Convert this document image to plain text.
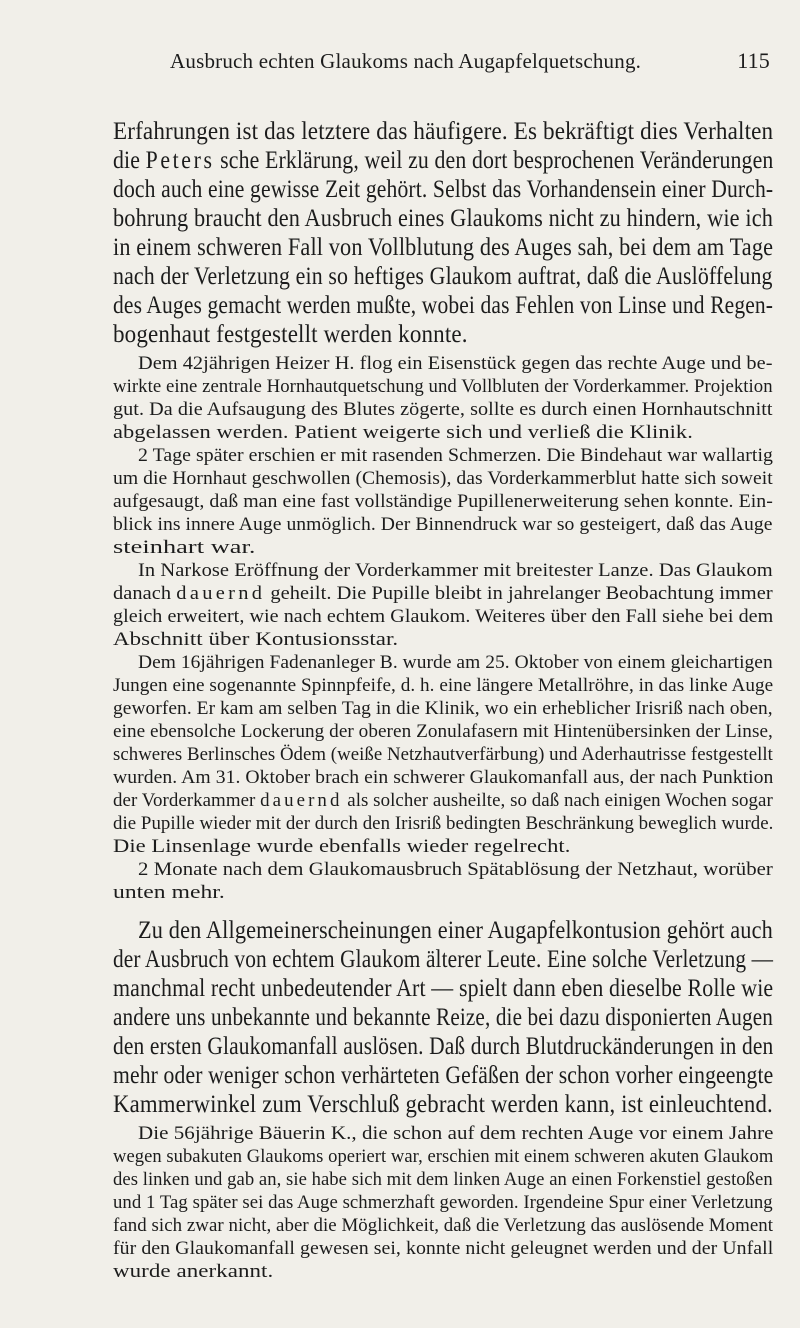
Ausbruch echten Glaukoms nach Augapfelquetschung.	115
Erfahrungen ist das letztere das häufigere. Es bekräftigt dies Verhalten
die Peters sche Erklärung, weil zu den dort besprochenen Veränderungen
doch auch eine gewisse Zeit gehört. Selbst das Vorhandensein einer Durch-
bohrung braucht den Ausbruch eines Glaukoms nicht zu hindern, wie ich
in einem schweren Fall von Vollblutung des Auges sah, bei dem am Tage
nach der Verletzung ein so heftiges Glaukom auftrat, daß die Auslöffelung
des Auges gemacht werden mußte, wobei das Fehlen von Linse und Regen-
bogenhaut festgestellt werden konnte.
Dem 42jährigen Heizer H. flog ein Eisenstück gegen das rechte Auge und be-
wirkte eine zentrale Hornhautquetschung und Vollbluten der Vorderkammer. Projektion
gut. Da die Aufsaugung des Blutes zögerte, sollte es durch einen Hornhautschnitt
abgelassen werden. Patient weigerte sich und verließ die Klinik.
2 Tage später erschien er mit rasenden Schmerzen. Die Bindehaut war wallartig
um die Hornhaut geschwollen (Chemosis), das Vorderkammerblut hatte sich soweit
aufgesaugt, daß man eine fast vollständige Pupillenerweiterung sehen konnte. Ein-
blick ins innere Auge unmöglich. Der Binnendruck war so gesteigert, daß das Auge
steinhart war.
In Narkose Eröffnung der Vorderkammer mit breitester Lanze. Das Glaukom
danach dauernd geheilt. Die Pupille bleibt in jahrelanger Beobachtung immer
gleich erweitert, wie nach echtem Glaukom. Weiteres über den Fall siehe bei dem
Abschnitt über Kontusionsstar.
Dem 16jährigen Fadenanleger B. wurde am 25. Oktober von einem gleichartigen
Jungen eine sogenannte Spinnpfeife, d. h. eine längere Metallröhre, in das linke Auge
geworfen. Er kam am selben Tag in die Klinik, wo ein erheblicher Irisriß nach oben,
eine ebensolche Lockerung der oberen Zonulafasern mit Hintenübersinken der Linse,
schweres Berlinsches Ödem (weiße Netzhautverfärbung) und Aderhautrisse festgestellt
wurden. Am 31. Oktober brach ein schwerer Glaukomanfall aus, der nach Punktion
der Vorderkammer dauernd als solcher ausheilte, so daß nach einigen Wochen sogar
die Pupille wieder mit der durch den Irisriß bedingten Beschränkung beweglich wurde.
Die Linsenlage wurde ebenfalls wieder regelrecht.
2 Monate nach dem Glaukomausbruch Spätablösung der Netzhaut, worüber
unten mehr.
Zu den Allgemeinerscheinungen einer Augapfelkontusion gehört auch
der Ausbruch von echtem Glaukom älterer Leute. Eine solche Verletzung —
manchmal recht unbedeutender Art — spielt dann eben dieselbe Rolle wie
andere uns unbekannte und bekannte Reize, die bei dazu disponierten Augen
den ersten Glaukomanfall auslösen. Daß durch Blutdruckänderungen in den
mehr oder weniger schon verhärteten Gefäßen der schon vorher eingeengte
Kammerwinkel zum Verschluß gebracht werden kann, ist einleuchtend.
Die 56jährige Bäuerin K., die schon auf dem rechten Auge vor einem Jahre
wegen subakuten Glaukoms operiert war, erschien mit einem schweren akuten Glaukom
des linken und gab an, sie habe sich mit dem linken Auge an einen Forkenstiel gestoßen
und 1 Tag später sei das Auge schmerzhaft geworden. Irgendeine Spur einer Verletzung
fand sich zwar nicht, aber die Möglichkeit, daß die Verletzung das auslösende Moment
für den Glaukomanfall gewesen sei, konnte nicht geleugnet werden und der Unfall
wurde anerkannt.
